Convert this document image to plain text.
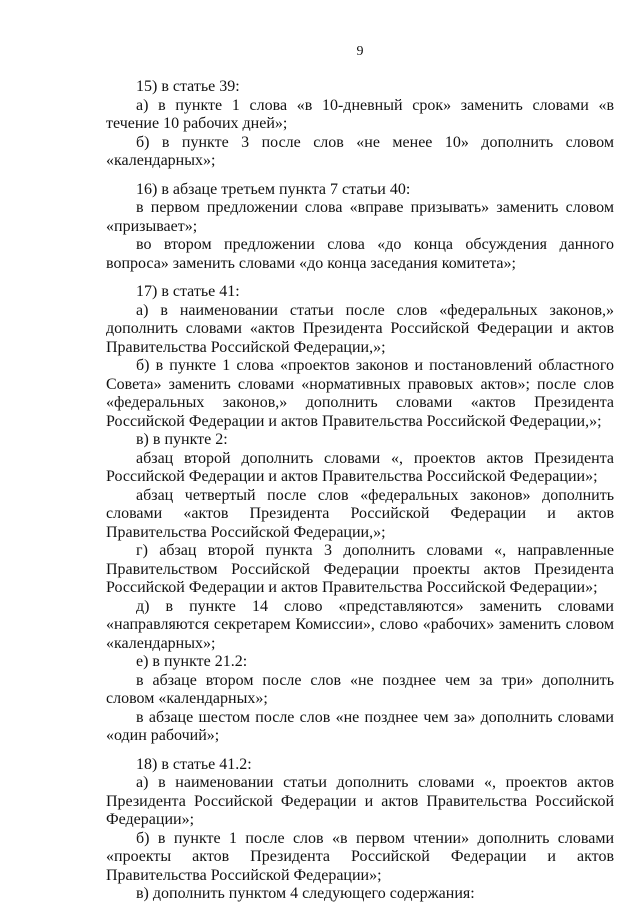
9

15) в статье 39:

а) в пункте 1 слова «в 10-дневный срок» заменить словами «в течение 10 рабочих дней»;

б) в пункте 3 после слов «не менее 10» дополнить словом «календарных»;

16) в абзаце третьем пункта 7 статьи 40:

в первом предложении слова «вправе призывать» заменить словом «призывает»;

во втором предложении слова «до конца обсуждения данного вопроса» заменить словами «до конца заседания комитета»;

17) в статье 41:

а) в наименовании статьи после слов «федеральных законов,» дополнить словами «актов Президента Российской Федерации и актов Правительства Российской Федерации,»;

б) в пункте 1 слова «проектов законов и постановлений областного Совета» заменить словами «нормативных правовых актов»; после слов «федеральных законов,» дополнить словами «актов Президента Российской Федерации и актов Правительства Российской Федерации,»;

в) в пункте 2:

абзац второй дополнить словами «, проектов актов Президента Российской Федерации и актов Правительства Российской Федерации»;

абзац четвертый после слов «федеральных законов» дополнить словами «актов Президента Российской Федерации и актов Правительства Российской Федерации,»;

г) абзац второй пункта 3 дополнить словами «, направленные Правительством Российской Федерации проекты актов Президента Российской Федерации и актов Правительства Российской Федерации»;

д) в пункте 14 слово «представляются» заменить словами «направляются секретарем Комиссии», слово «рабочих» заменить словом «календарных»;

е) в пункте 21.2:

в абзаце втором после слов «не позднее чем за три» дополнить словом «календарных»;

в абзаце шестом после слов «не позднее чем за» дополнить словами «один рабочий»;

18) в статье 41.2:

а) в наименовании статьи дополнить словами «, проектов актов Президента Российской Федерации и актов Правительства Российской Федерации»;

б) в пункте 1 после слов «в первом чтении» дополнить словами «проекты актов Президента Российской Федерации и актов Правительства Российской Федерации»;

в) дополнить пунктом 4 следующего содержания:
